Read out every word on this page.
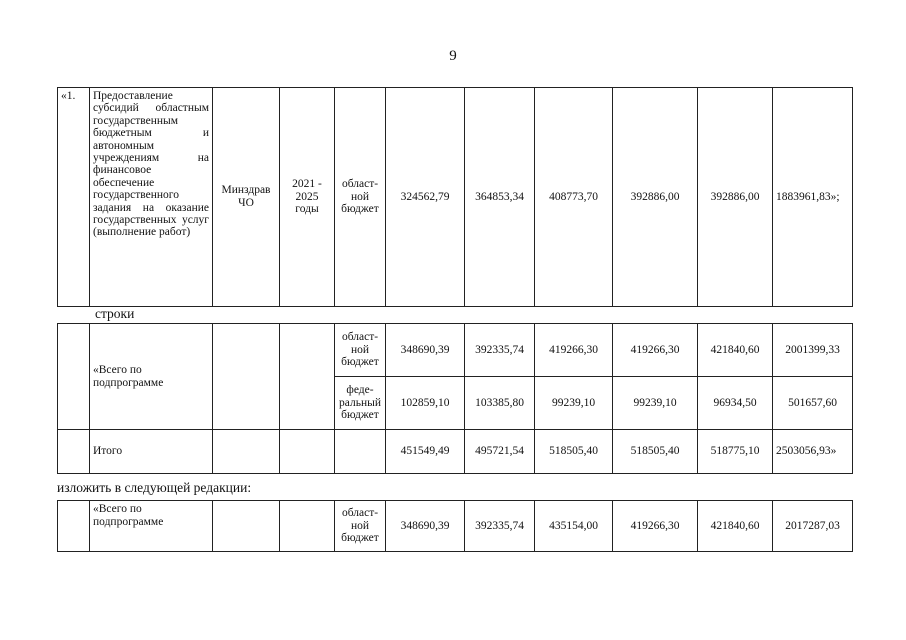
9
«1.	Предоставление субсидий областным государственным бюджетным и автономным учреждениям на финансовое обеспечение государственного задания на оказание государственных услуг (выполнение работ)	Минздрав ЧО	2021 - 2025 годы	област-ной бюджет	324562,79	364853,34	408773,70	392886,00	392886,00	1883961,83»;
строки
	«Всего по подпрограмме			област-ной бюджет	348690,39	392335,74	419266,30	419266,30	421840,60	2001399,33
				феде-ральный бюджет	102859,10	103385,80	99239,10	99239,10	96934,50	501657,60
	Итого				451549,49	495721,54	518505,40	518505,40	518775,10	2503056,93»
изложить в следующей редакции:
	«Всего по подпрограмме			област-ной бюджет	348690,39	392335,74	435154,00	419266,30	421840,60	2017287,03
